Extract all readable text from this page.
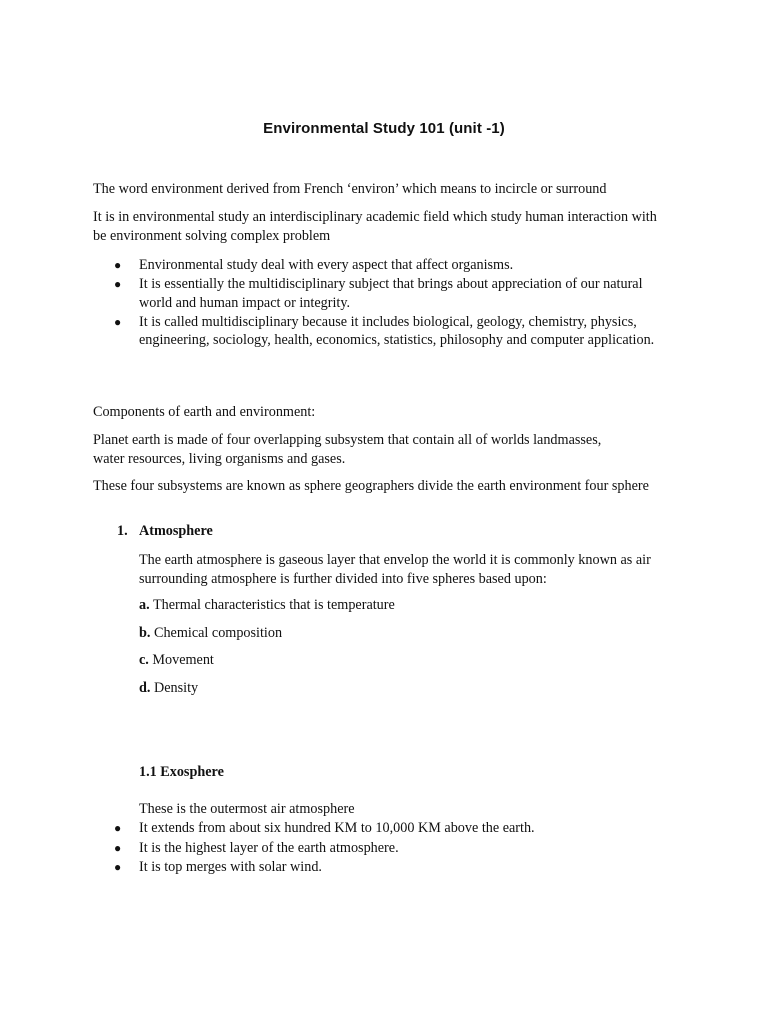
Environmental Study 101 (unit -1)

The word environment derived from French ‘environ’ which means to incircle or surround

It is in environmental study an interdisciplinary academic field which study human interaction with be environment solving complex problem

● Environmental study deal with every aspect that affect organisms.
● It is essentially the multidisciplinary subject that brings about appreciation of our natural world and human impact or integrity.
● It is called multidisciplinary because it includes biological, geology, chemistry, physics, engineering, sociology, health, economics, statistics, philosophy and computer application.

Components of earth and environment:

Planet earth is made of four overlapping subsystem that contain all of worlds landmasses, water resources, living organisms and gases.

These four subsystems are known as sphere geographers divide the earth environment four sphere

1. Atmosphere

The earth atmosphere is gaseous layer that envelop the world it is commonly known as air surrounding atmosphere is further divided into five spheres based upon:

a. Thermal characteristics that is temperature
b. Chemical composition
c. Movement
d. Density
1.1 Exosphere

These is the outermost air atmosphere

● It extends from about six hundred KM to 10,000 KM above the earth.
● It is the highest layer of the earth atmosphere.
● It is top merges with solar wind.
